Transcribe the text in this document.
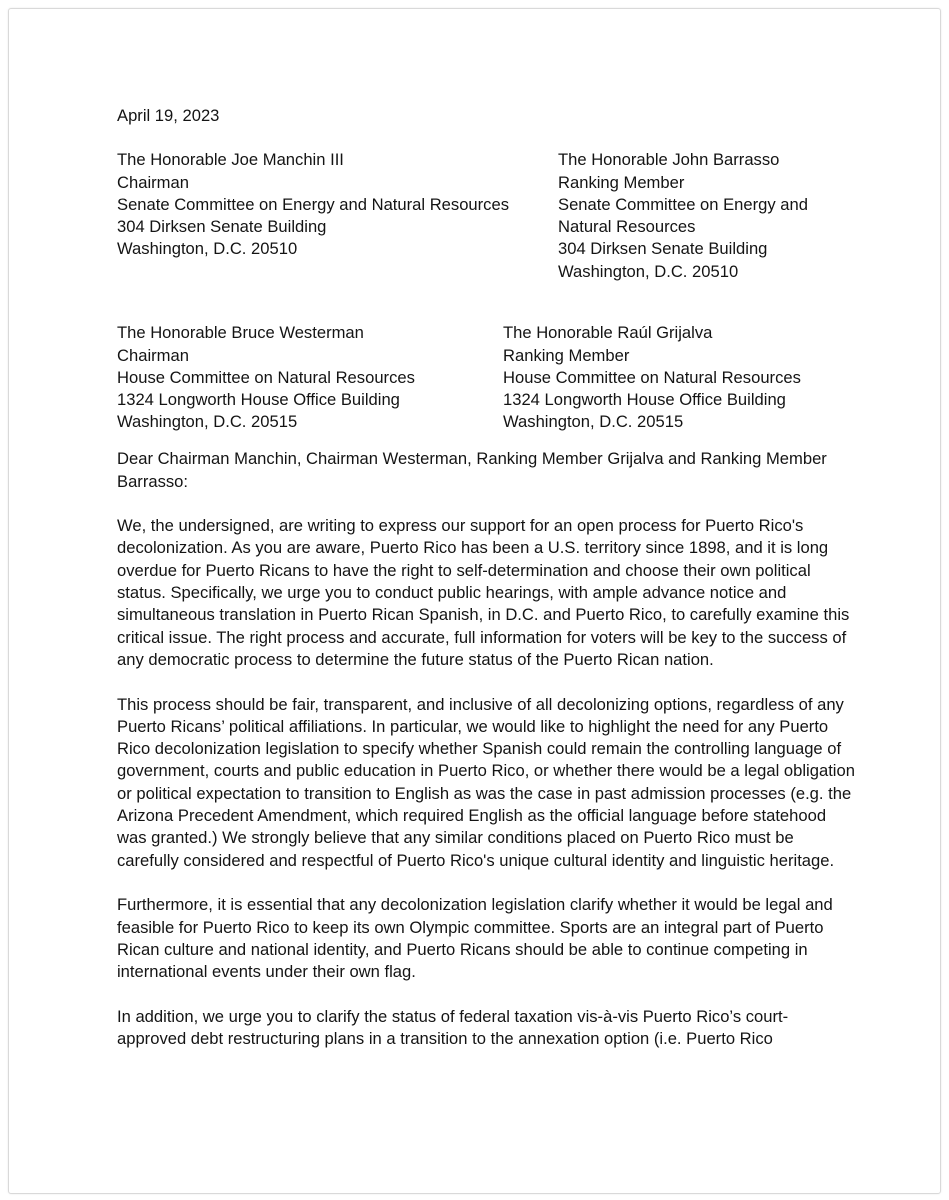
April 19, 2023
The Honorable Joe Manchin III
Chairman
Senate Committee on Energy and Natural Resources
304 Dirksen Senate Building
Washington, D.C. 20510
The Honorable John Barrasso
Ranking Member
Senate Committee on Energy and
Natural Resources
304 Dirksen Senate Building
Washington, D.C. 20510
The Honorable Bruce Westerman
Chairman
House Committee on Natural Resources
1324 Longworth House Office Building
Washington, D.C. 20515
The Honorable Raúl Grijalva
Ranking Member
House Committee on Natural Resources
1324 Longworth House Office Building
Washington, D.C. 20515

Dear Chairman Manchin, Chairman Westerman, Ranking Member Grijalva and Ranking Member Barrasso:

We, the undersigned, are writing to express our support for an open process for Puerto Rico's decolonization. As you are aware, Puerto Rico has been a U.S. territory since 1898, and it is long overdue for Puerto Ricans to have the right to self-determination and choose their own political status. Specifically, we urge you to conduct public hearings, with ample advance notice and simultaneous translation in Puerto Rican Spanish, in D.C. and Puerto Rico, to carefully examine this critical issue. The right process and accurate, full information for voters will be key to the success of any democratic process to determine the future status of the Puerto Rican nation.

This process should be fair, transparent, and inclusive of all decolonizing options, regardless of any Puerto Ricans’ political affiliations. In particular, we would like to highlight the need for any Puerto Rico decolonization legislation to specify whether Spanish could remain the controlling language of government, courts and public education in Puerto Rico, or whether there would be a legal obligation or political expectation to transition to English as was the case in past admission processes (e.g. the Arizona Precedent Amendment, which required English as the official language before statehood was granted.) We strongly believe that any similar conditions placed on Puerto Rico must be carefully considered and respectful of Puerto Rico's unique cultural identity and linguistic heritage.

Furthermore, it is essential that any decolonization legislation clarify whether it would be legal and feasible for Puerto Rico to keep its own Olympic committee. Sports are an integral part of Puerto Rican culture and national identity, and Puerto Ricans should be able to continue competing in international events under their own flag.

In addition, we urge you to clarify the status of federal taxation vis-à-vis Puerto Rico’s court-approved debt restructuring plans in a transition to the annexation option (i.e. Puerto Rico
